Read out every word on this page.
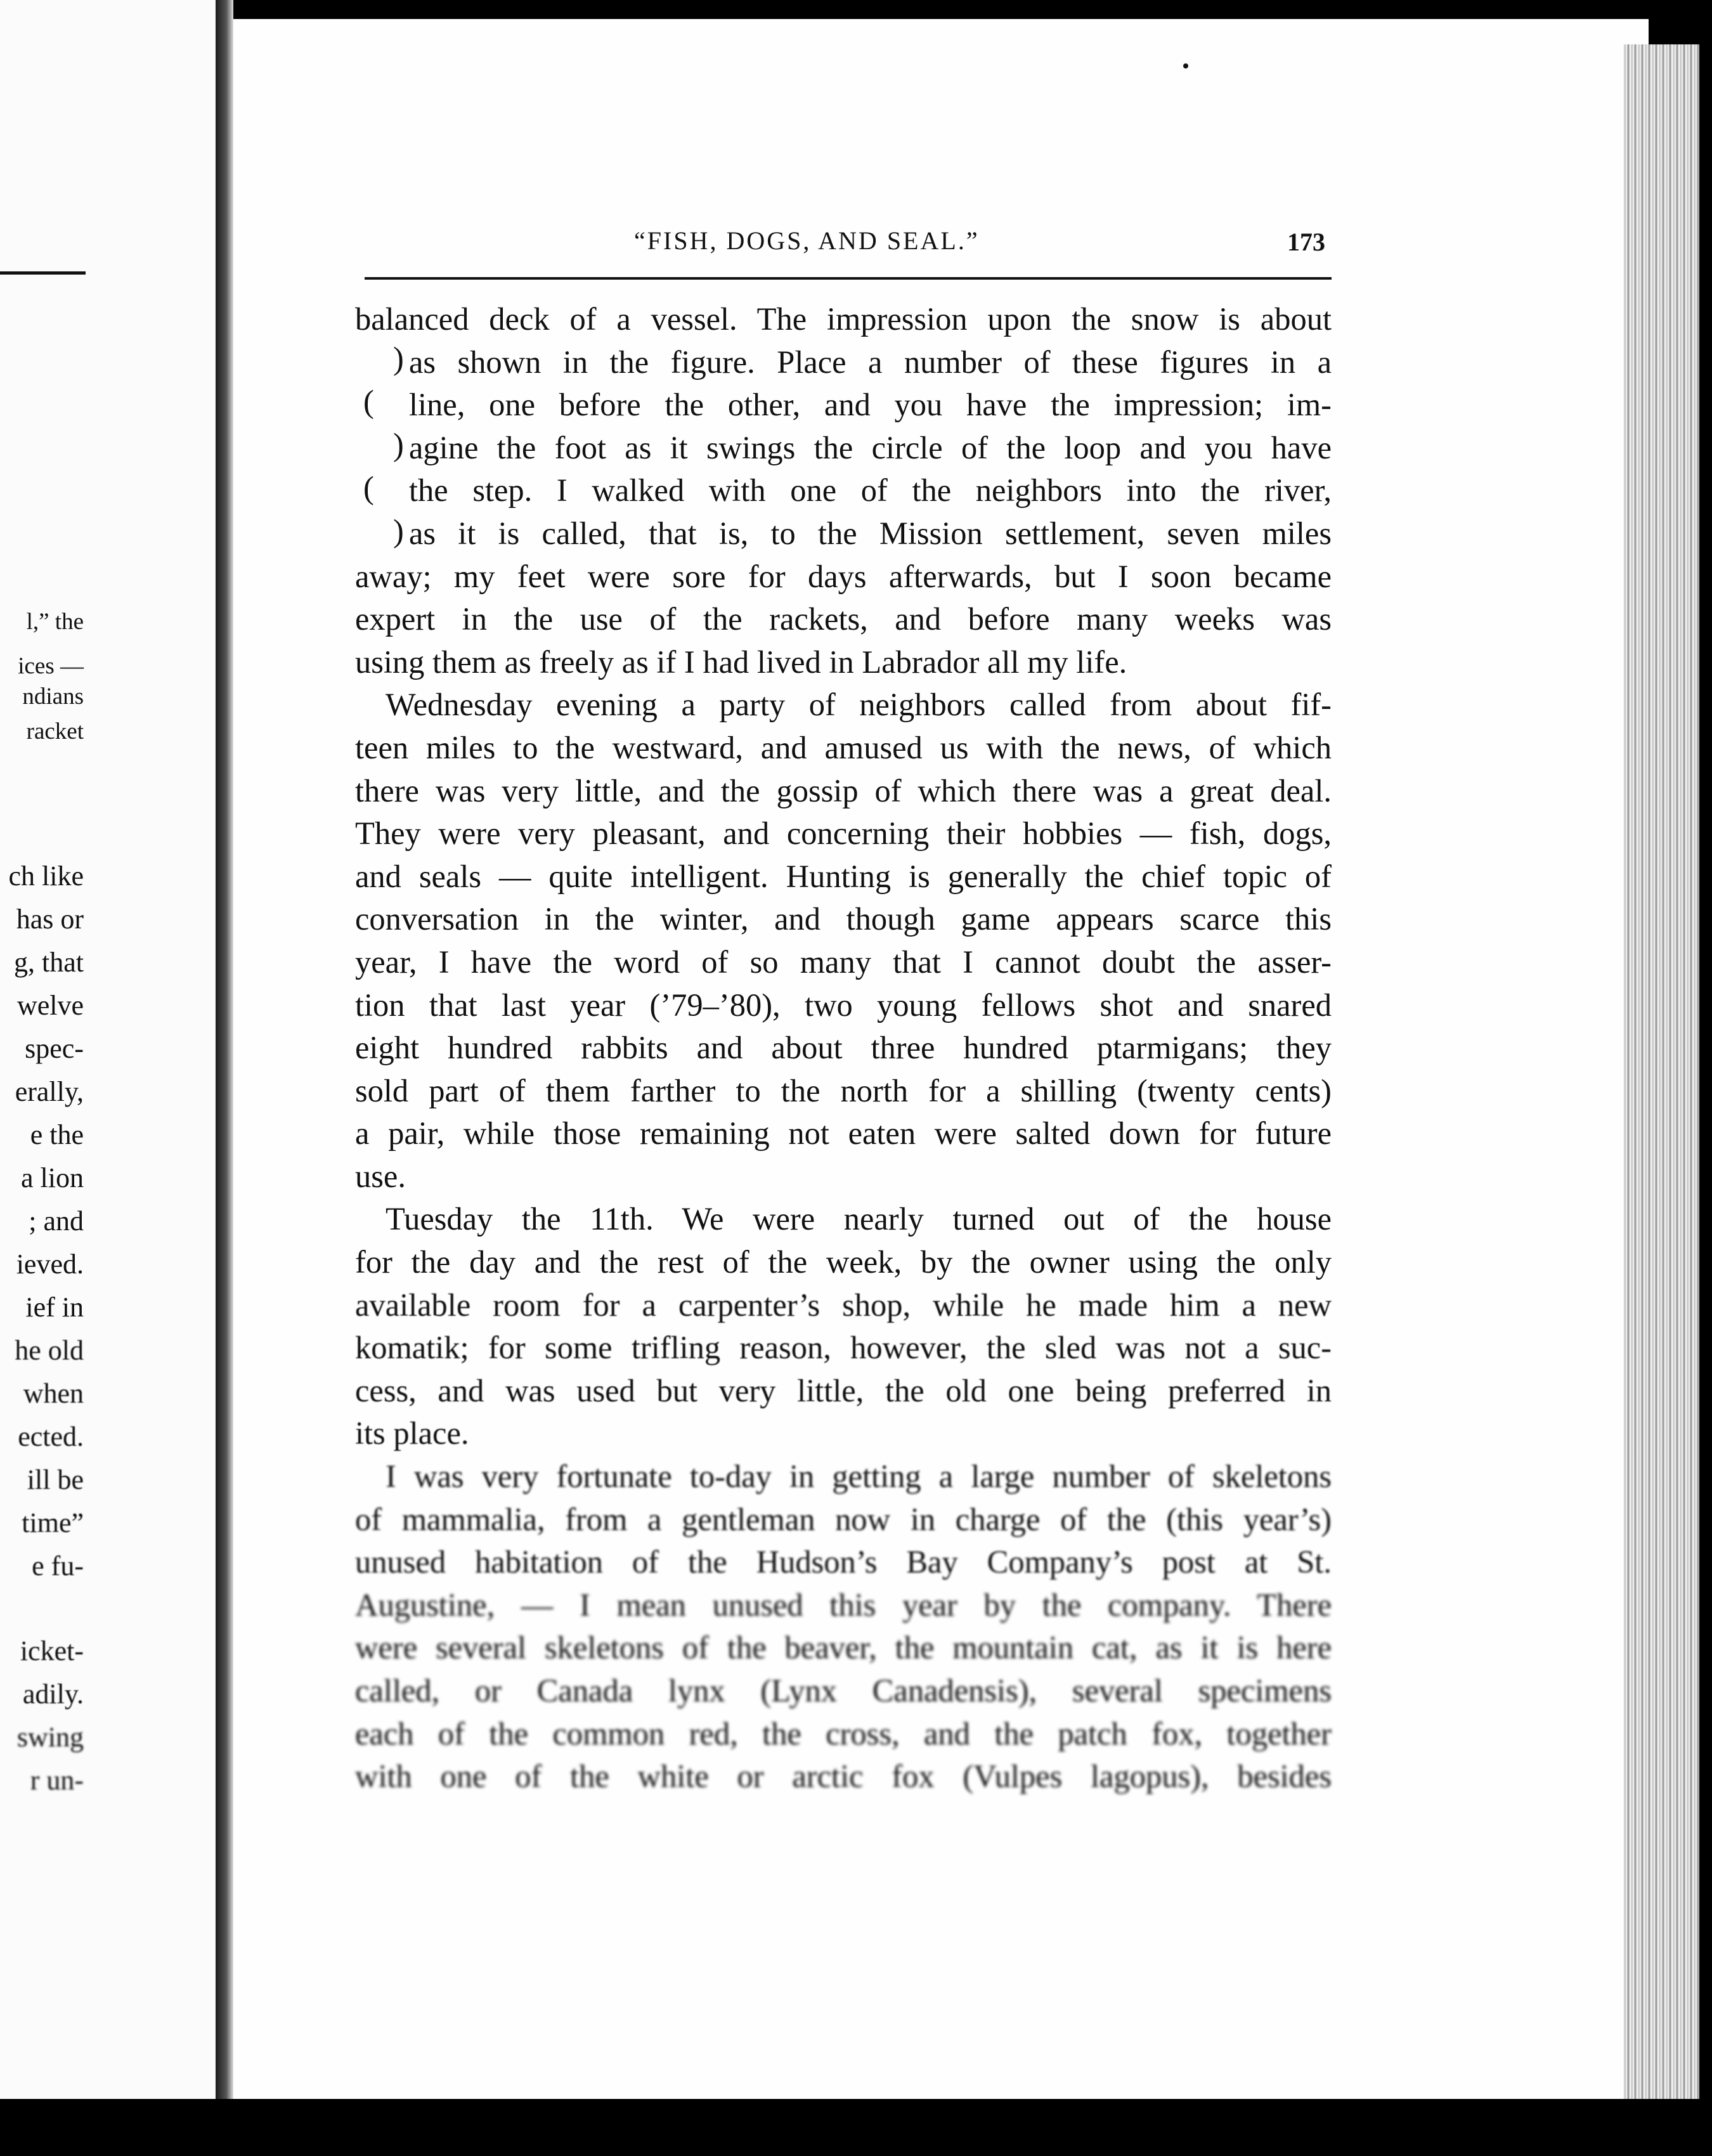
l,” the
ices —
ndians
racket
ch like
has or
g, that
welve
spec-
erally,
e the
a lion
; and
ieved.
ief in
he old
when
ected.
ill be
time”
e fu-
icket-
adily.
swing
r un-
“FISH, DOGS, AND SEAL.”	173
)
(
)
(
)
balanced deck of a vessel. The impression upon the snow is about
as shown in the figure. Place a number of these figures in a
line, one before the other, and you have the impression; im-
agine the foot as it swings the circle of the loop and you have
the step. I walked with one of the neighbors into the river,
as it is called, that is, to the Mission settlement, seven miles
away; my feet were sore for days afterwards, but I soon became
expert in the use of the rackets, and before many weeks was
using them as freely as if I had lived in Labrador all my life.
Wednesday evening a party of neighbors called from about fif-
teen miles to the westward, and amused us with the news, of which
there was very little, and the gossip of which there was a great deal.
They were very pleasant, and concerning their hobbies — fish, dogs,
and seals — quite intelligent. Hunting is generally the chief topic of
conversation in the winter, and though game appears scarce this
year, I have the word of so many that I cannot doubt the asser-
tion that last year (’79–’80), two young fellows shot and snared
eight hundred rabbits and about three hundred ptarmigans; they
sold part of them farther to the north for a shilling (twenty cents)
a pair, while those remaining not eaten were salted down for future
use.
Tuesday the 11th. We were nearly turned out of the house
for the day and the rest of the week, by the owner using the only
available room for a carpenter’s shop, while he made him a new
komatik; for some trifling reason, however, the sled was not a suc-
cess, and was used but very little, the old one being preferred in
its place.
I was very fortunate to-day in getting a large number of skeletons
of mammalia, from a gentleman now in charge of the (this year’s)
unused habitation of the Hudson’s Bay Company’s post at St.
Augustine, — I mean unused this year by the company. There
were several skeletons of the beaver, the mountain cat, as it is here
called, or Canada lynx (Lynx Canadensis), several specimens
each of the common red, the cross, and the patch fox, together
with one of the white or arctic fox (Vulpes lagopus), besides
